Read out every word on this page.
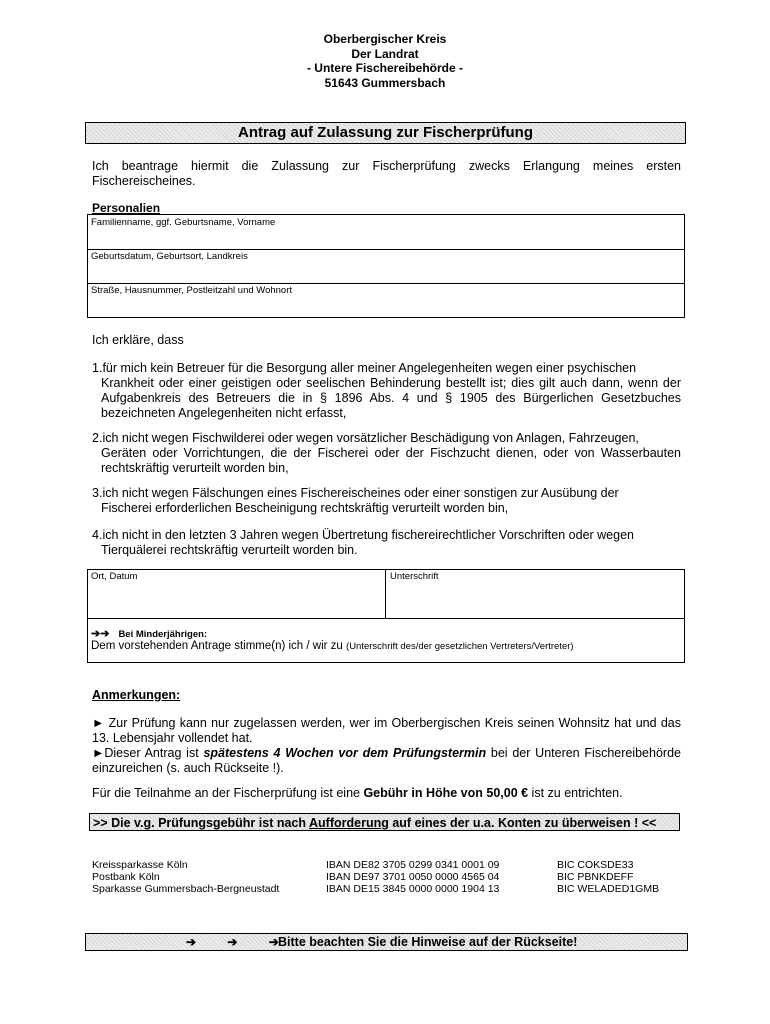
Oberbergischer Kreis
Der Landrat
- Untere Fischereibehörde -
51643 Gummersbach
Antrag auf Zulassung zur Fischerprüfung
Ich beantrage hiermit die Zulassung zur Fischerprüfung zwecks Erlangung meines ersten Fischereischeines.
Personalien
Familienname, ggf. Geburtsname, Vorname
Geburtsdatum, Geburtsort, Landkreis
Straße, Hausnummer, Postleitzahl und Wohnort
Ich erkläre, dass
1.für mich kein Betreuer für die Besorgung aller meiner Angelegenheiten wegen einer psychischen
Krankheit oder einer geistigen oder seelischen Behinderung bestellt ist; dies gilt auch dann, wenn der Aufgabenkreis des Betreuers die in § 1896 Abs. 4 und § 1905 des Bürgerlichen Gesetzbuches bezeichneten Angelegenheiten nicht erfasst,
2.ich nicht wegen Fischwilderei oder wegen vorsätzlicher Beschädigung von Anlagen, Fahrzeugen,
Geräten oder Vorrichtungen, die der Fischerei oder der Fischzucht dienen, oder von Wasserbauten rechtskräftig verurteilt worden bin,
3.ich nicht wegen Fälschungen eines Fischereischeines oder einer sonstigen zur Ausübung der
Fischerei erforderlichen Bescheinigung rechtskräftig verurteilt worden bin,
4.ich nicht in den letzten 3 Jahren wegen Übertretung fischereirechtlicher Vorschriften oder wegen
Tierquälerei rechtskräftig verurteilt worden bin.
Ort, Datum	Unterschrift
➔➔ Bei Minderjährigen:
Dem vorstehenden Antrage stimme(n) ich / wir zu (Unterschrift des/der gesetzlichen Vertreters/Vertreter)
Anmerkungen:
► Zur Prüfung kann nur zugelassen werden, wer im Oberbergischen Kreis seinen Wohnsitz hat und das 13. Lebensjahr vollendet hat.
►Dieser Antrag ist spätestens 4 Wochen vor dem Prüfungstermin bei der Unteren Fischereibehörde einzureichen (s. auch Rückseite !).
Für die Teilnahme an der Fischerprüfung ist eine Gebühr in Höhe von 50,00 € ist zu entrichten.
>> Die v.g. Prüfungsgebühr ist nach Aufforderung auf eines der u.a. Konten zu überweisen ! <<
Kreissparkasse Köln
Postbank Köln
Sparkasse Gummersbach-Bergneustadt
IBAN DE82 3705 0299 0341 0001 09
IBAN DE97 3701 0050 0000 4565 04
IBAN DE15 3845 0000 0000 1904 13
BIC COKSDE33
BIC PBNKDEFF
BIC WELADED1GMB
➔ ➔ ➔
Bitte beachten Sie die Hinweise auf der Rückseite!
